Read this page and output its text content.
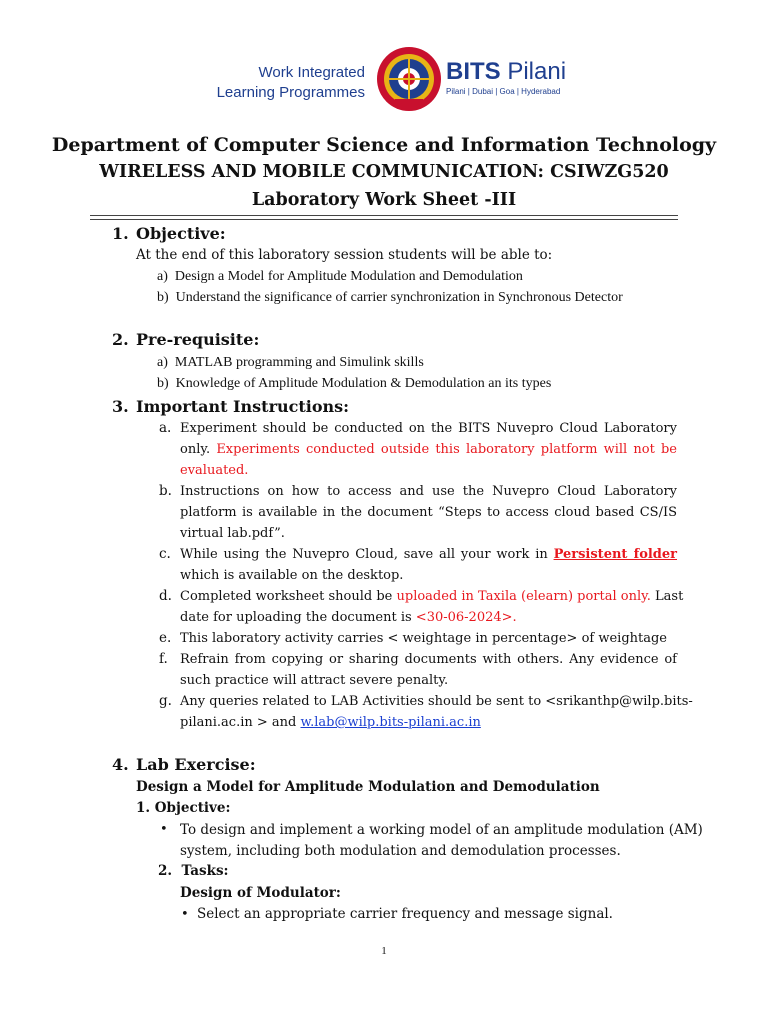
Work Integrated
Learning Programmes
BITS Pilani
Pilani | Dubai | Goa | Hyderabad
Department of Computer Science and Information Technology
WIRELESS AND MOBILE COMMUNICATION: CSIWZG520
Laboratory Work Sheet -III
1. Objective:
At the end of this laboratory session students will be able to:
a) Design a Model for Amplitude Modulation and Demodulation
b) Understand the significance of carrier synchronization in Synchronous Detector
2. Pre-requisite:
a) MATLAB programming and Simulink skills
b) Knowledge of Amplitude Modulation & Demodulation an its types
3. Important Instructions:
a. Experiment should be conducted on the BITS Nuvepro Cloud Laboratory
only. Experiments conducted outside this laboratory platform will not be
evaluated.
b. Instructions on how to access and use the Nuvepro Cloud Laboratory
platform is available in the document “Steps to access cloud based CS/IS
virtual lab.pdf”.
c. While using the Nuvepro Cloud, save all your work in Persistent folder
which is available on the desktop.
d. Completed worksheet should be uploaded in Taxila (elearn) portal only. Last
date for uploading the document is <30-06-2024>.
e. This laboratory activity carries < weightage in percentage> of weightage
f. Refrain from copying or sharing documents with others. Any evidence of
such practice will attract severe penalty.
g. Any queries related to LAB Activities should be sent to <srikanthp@wilp.bits-
pilani.ac.in > and w.lab@wilp.bits-pilani.ac.in
4. Lab Exercise:
Design a Model for Amplitude Modulation and Demodulation
1. Objective:
• To design and implement a working model of an amplitude modulation (AM)
system, including both modulation and demodulation processes.
2. Tasks:
Design of Modulator:
• Select an appropriate carrier frequency and message signal.
1
